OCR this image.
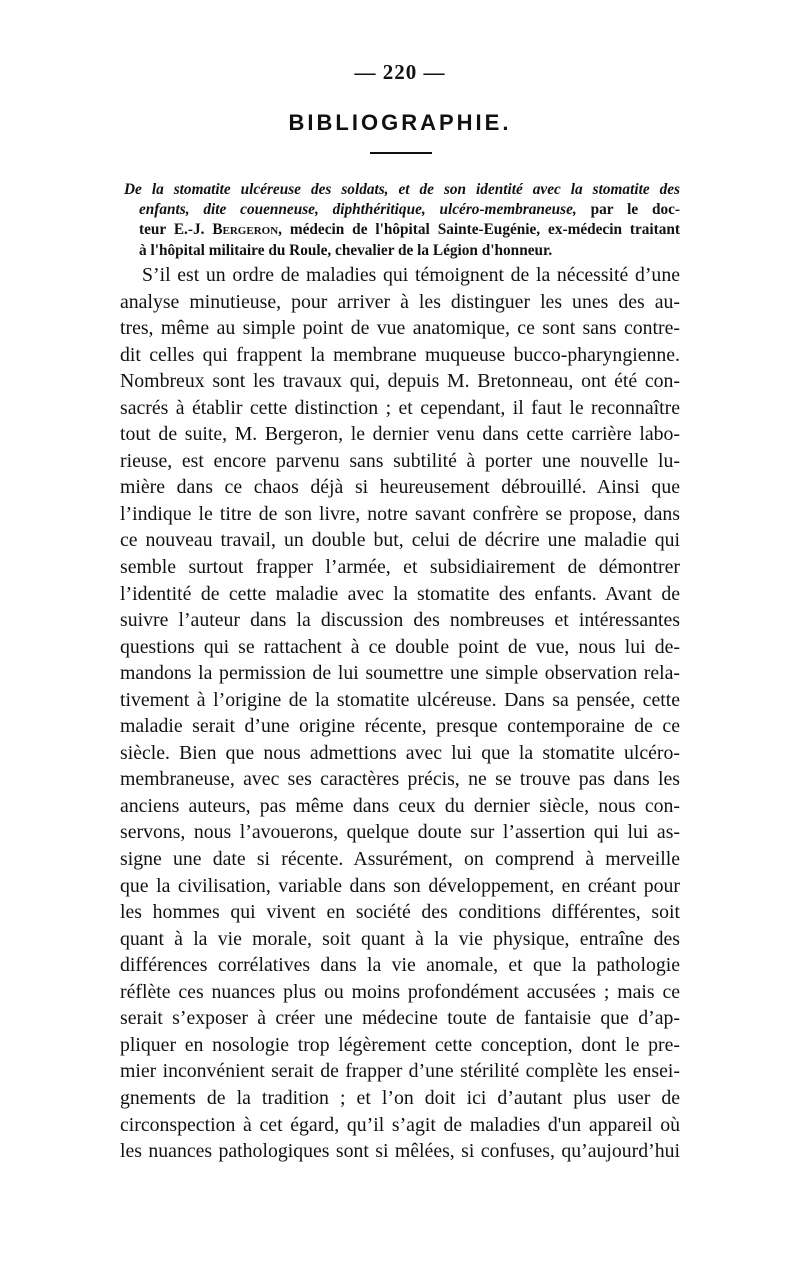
— 220 —
BIBLIOGRAPHIE.
De la stomatite ulcéreuse des soldats, et de son identité avec la stomatite des
enfants, dite couenneuse, diphthéritique, ulcéro-membraneuse, par le doc-
teur E.-J. Bergeron, médecin de l'hôpital Sainte-Eugénie, ex-médecin traitant
à l'hôpital militaire du Roule, chevalier de la Légion d'honneur.
S’il est un ordre de maladies qui témoignent de la nécessité d’une
analyse minutieuse, pour arriver à les distinguer les unes des au-
tres, même au simple point de vue anatomique, ce sont sans contre-
dit celles qui frappent la membrane muqueuse bucco-pharyngienne.
Nombreux sont les travaux qui, depuis M. Bretonneau, ont été con-
sacrés à établir cette distinction ; et cependant, il faut le reconnaître
tout de suite, M. Bergeron, le dernier venu dans cette carrière labo-
rieuse, est encore parvenu sans subtilité à porter une nouvelle lu-
mière dans ce chaos déjà si heureusement débrouillé. Ainsi que
l’indique le titre de son livre, notre savant confrère se propose, dans
ce nouveau travail, un double but, celui de décrire une maladie qui
semble surtout frapper l’armée, et subsidiairement de démontrer
l’identité de cette maladie avec la stomatite des enfants. Avant de
suivre l’auteur dans la discussion des nombreuses et intéressantes
questions qui se rattachent à ce double point de vue, nous lui de-
mandons la permission de lui soumettre une simple observation rela-
tivement à l’origine de la stomatite ulcéreuse. Dans sa pensée, cette
maladie serait d’une origine récente, presque contemporaine de ce
siècle. Bien que nous admettions avec lui que la stomatite ulcéro-
membraneuse, avec ses caractères précis, ne se trouve pas dans les
anciens auteurs, pas même dans ceux du dernier siècle, nous con-
servons, nous l’avouerons, quelque doute sur l’assertion qui lui as-
signe une date si récente. Assurément, on comprend à merveille
que la civilisation, variable dans son développement, en créant pour
les hommes qui vivent en société des conditions différentes, soit
quant à la vie morale, soit quant à la vie physique, entraîne des
différences corrélatives dans la vie anomale, et que la pathologie
réflète ces nuances plus ou moins profondément accusées ; mais ce
serait s’exposer à créer une médecine toute de fantaisie que d’ap-
pliquer en nosologie trop légèrement cette conception, dont le pre-
mier inconvénient serait de frapper d’une stérilité complète les ensei-
gnements de la tradition ; et l’on doit ici d’autant plus user de
circonspection à cet égard, qu’il s’agit de maladies d'un appareil où
les nuances pathologiques sont si mêlées, si confuses, qu’aujourd’hui
